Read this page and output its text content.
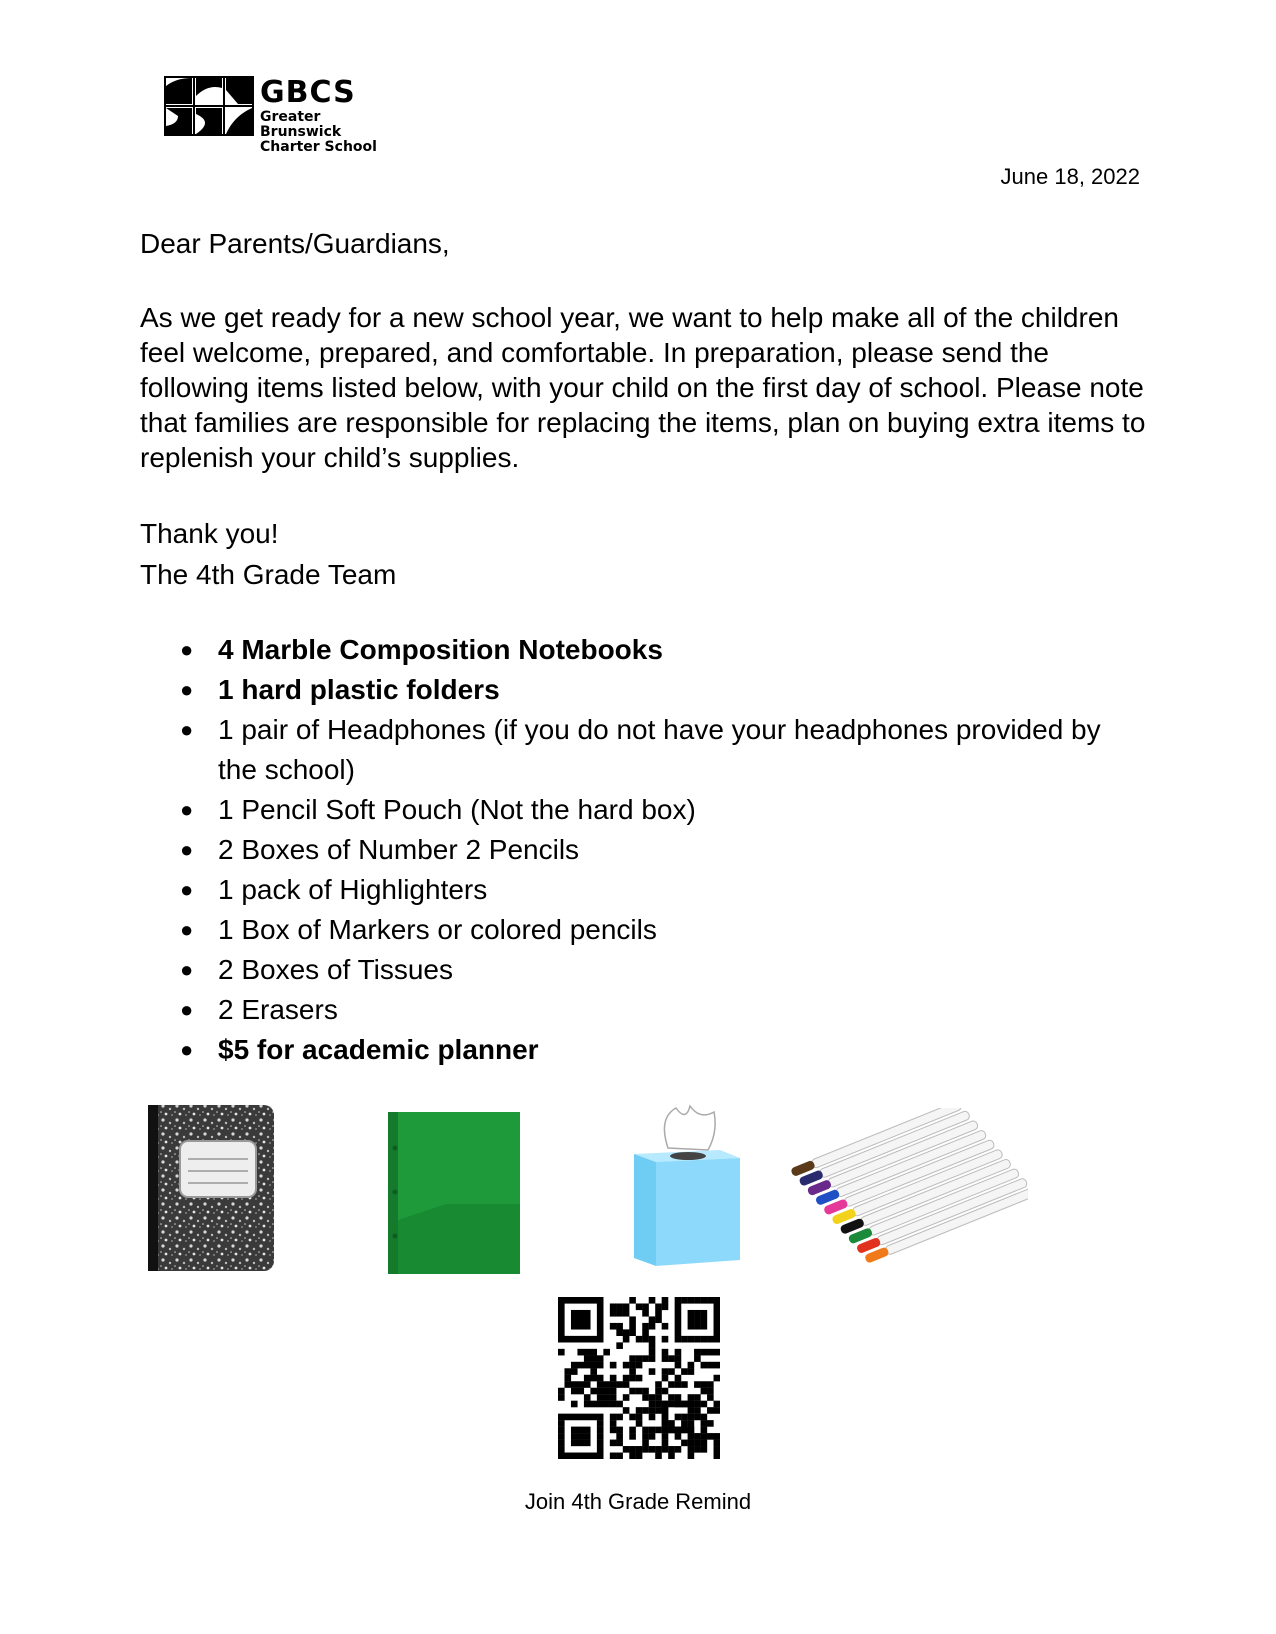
GBCS
Greater Brunswick
Charter School
June 18, 2022
Dear Parents/Guardians,

As we get ready for a new school year, we want to help make all of the children feel welcome, prepared, and comfortable. In preparation, please send the following items listed below, with your child on the first day of school. Please note that families are responsible for replacing the items, plan on buying extra items to replenish your child’s supplies.

Thank you!
The 4th Grade Team
● 4 Marble Composition Notebooks
● 1 hard plastic folders
● 1 pair of Headphones (if you do not have your headphones provided by the school)
● 1 Pencil Soft Pouch (Not the hard box)
● 2 Boxes of Number 2 Pencils
● 1 pack of Highlighters
● 1 Box of Markers or colored pencils
● 2 Boxes of Tissues
● 2 Erasers
● $5 for academic planner
Join 4th Grade Remind
